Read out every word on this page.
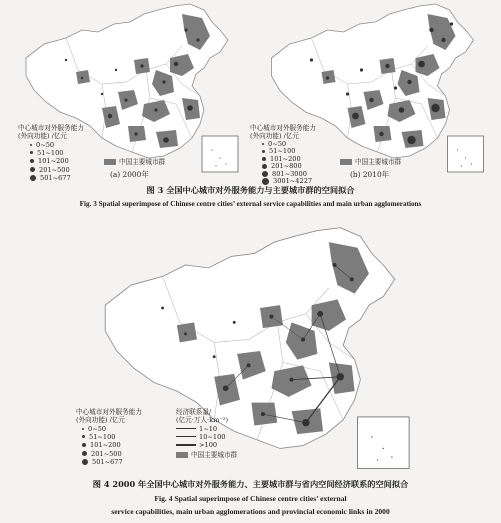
中心城市对外服务能力
(外向功能) /亿元
0~50
51~100
101~200
201~500
501~677
中国主要城市群
(a) 2000年
中心城市对外服务能力
(外向功能) /亿元
0~50
51~100
101~200
201~800
801~3000
3001~4227
中国主要城市群
(b) 2010年
图 3 全国中心城市对外服务能力与主要城市群的空间拟合
Fig. 3 Spatial superimpose of Chinese centre cities’ external service capabilities and main urban agglomerations
中心城市对外服务能力
(外向功能) /亿元
0~50
51~100
101~200
201~500
501~677
经济联系量/
(亿元·万人·km⁻²)
1~10
10~100
>100
中国主要城市群
图 4 2000 年全国中心城市对外服务能力、主要城市群与省内空间经济联系的空间拟合
Fig. 4 Spatial superimpose of Chinese centre cities’ external
service capabilities, main urban agglomerations and provincial economic links in 2000
